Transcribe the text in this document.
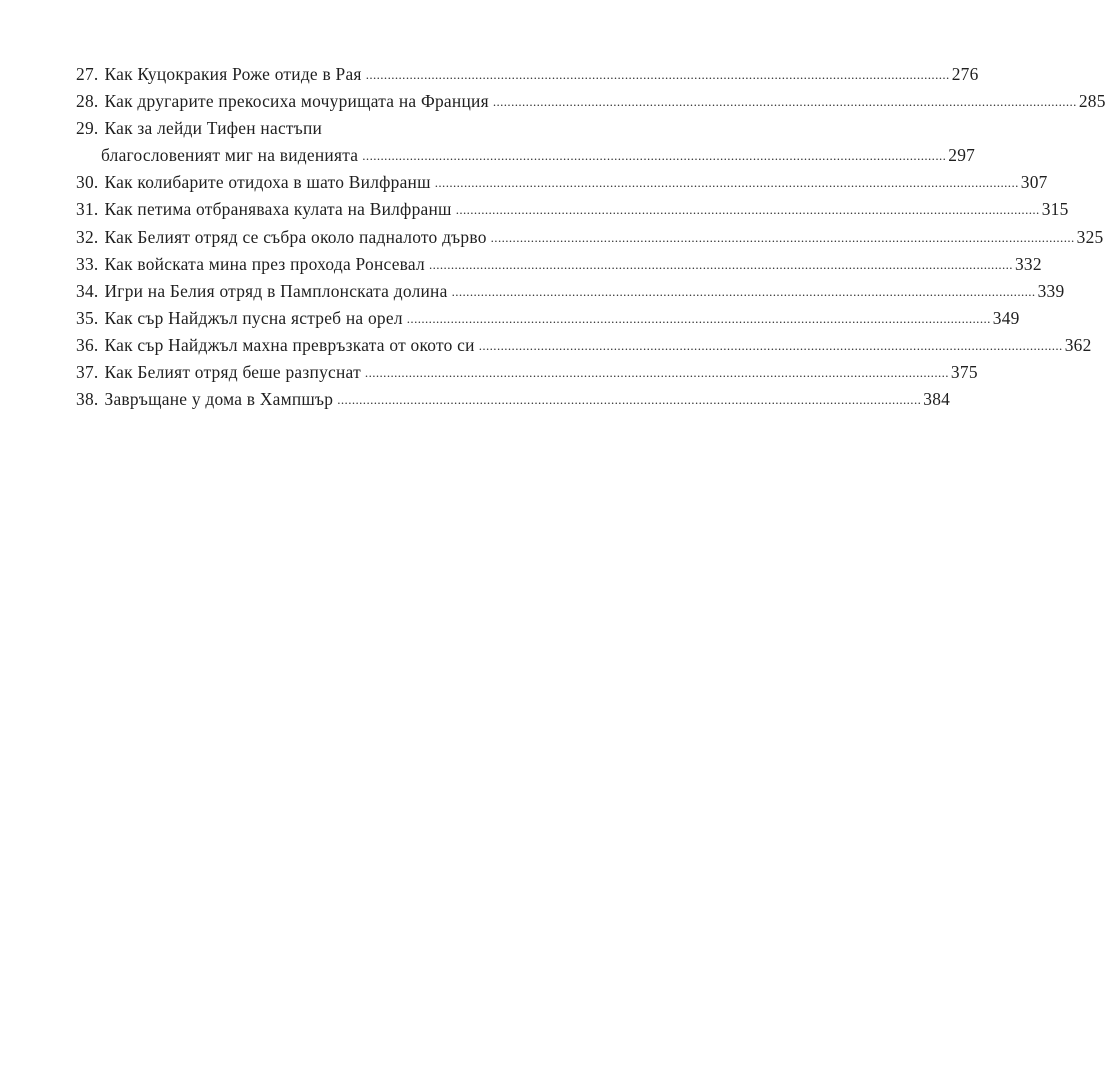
27. Как Куцокракия Роже отиде в Рая ................................................................................................................................................................ 276
28. Как другарите прекосиха мочурищата на Франция ................................................................................................................................................................ 285
29. Как за лейди Тифен настъпи
благословеният миг на виденията ................................................................................................................................................................ 297
30. Как колибарите отидоха в шато Вилфранш ................................................................................................................................................................ 307
31. Как петима отбраняваха кулата на Вилфранш ................................................................................................................................................................ 315
32. Как Белият отряд се събра около падналото дърво ................................................................................................................................................................ 325
33. Как войската мина през прохода Ронсевал ................................................................................................................................................................ 332
34. Игри на Белия отряд в Памплонската долина ................................................................................................................................................................ 339
35. Как сър Найджъл пусна ястреб на орел ................................................................................................................................................................ 349
36. Как сър Найджъл махна превръзката от окото си ................................................................................................................................................................ 362
37. Как Белият отряд беше разпуснат ................................................................................................................................................................ 375
38. Завръщане у дома в Хампшър ................................................................................................................................................................ 384
